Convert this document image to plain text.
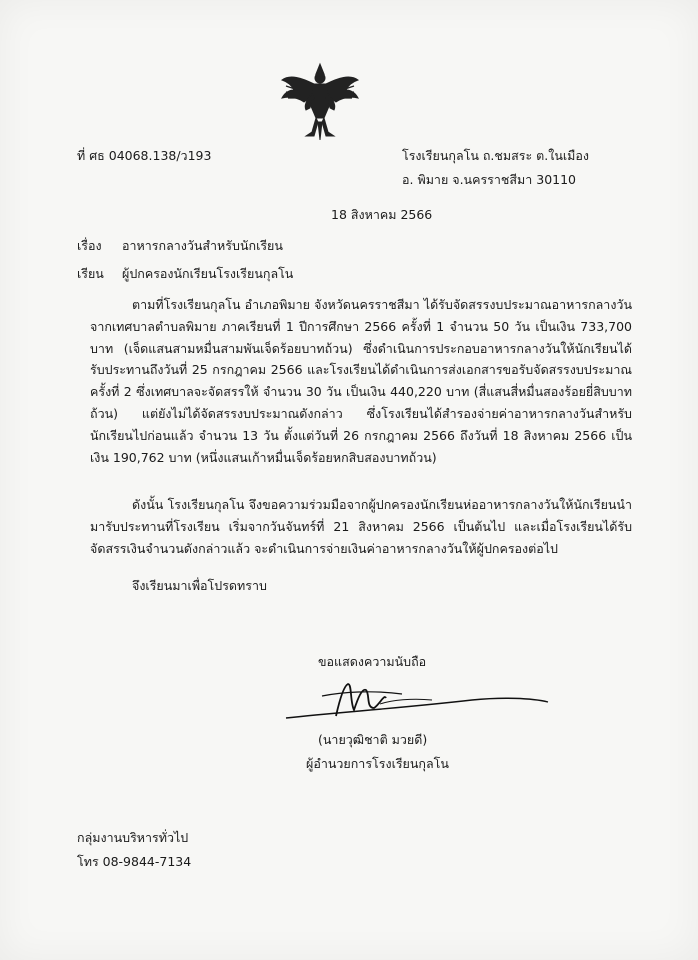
ที่ ศธ 04068.138/ว193	โรงเรียนกุลโน ถ.ชมสระ ต.ในเมือง
อ. พิมาย จ.นครราชสีมา 30110
18 สิงหาคม 2566
เรื่อง อาหารกลางวันสำหรับนักเรียน
เรียน ผู้ปกครองนักเรียนโรงเรียนกุลโน
ตามที่โรงเรียนกุลโน อำเภอพิมาย จังหวัดนครราชสีมา ได้รับจัดสรรงบประมาณอาหารกลางวันจากเทศบาลตำบลพิมาย ภาคเรียนที่ 1 ปีการศึกษา 2566 ครั้งที่ 1 จำนวน 50 วัน เป็นเงิน 733,700 บาท (เจ็ดแสนสามหมื่นสามพันเจ็ดร้อยบาทถ้วน) ซึ่งดำเนินการประกอบอาหารกลางวันให้นักเรียนได้รับประทานถึงวันที่ 25 กรกฎาคม 2566 และโรงเรียนได้ดำเนินการส่งเอกสารขอรับจัดสรรงบประมาณ ครั้งที่ 2 ซึ่งเทศบาลจะจัดสรรให้ จำนวน 30 วัน เป็นเงิน 440,220 บาท (สี่แสนสี่หมื่นสองร้อยยี่สิบบาทถ้วน) แต่ยังไม่ได้จัดสรรงบประมาณดังกล่าว ซึ่งโรงเรียนได้สำรองจ่ายค่าอาหารกลางวันสำหรับนักเรียนไปก่อนแล้ว จำนวน 13 วัน ตั้งแต่วันที่ 26 กรกฎาคม 2566 ถึงวันที่ 18 สิงหาคม 2566 เป็นเงิน 190,762 บาท (หนึ่งแสนเก้าหมื่นเจ็ดร้อยหกสิบสองบาทถ้วน)
ดังนั้น โรงเรียนกุลโน จึงขอความร่วมมือจากผู้ปกครองนักเรียนห่ออาหารกลางวันให้นักเรียนนำมารับประทานที่โรงเรียน เริ่มจากวันจันทร์ที่ 21 สิงหาคม 2566 เป็นต้นไป และเมื่อโรงเรียนได้รับจัดสรรเงินจำนวนดังกล่าวแล้ว จะดำเนินการจ่ายเงินค่าอาหารกลางวันให้ผู้ปกครองต่อไป
จึงเรียนมาเพื่อโปรดทราบ
ขอแสดงความนับถือ
(นายวุฒิชาติ มวยดี)
ผู้อำนวยการโรงเรียนกุลโน
กลุ่มงานบริหารทั่วไป
โทร 08-9844-7134
